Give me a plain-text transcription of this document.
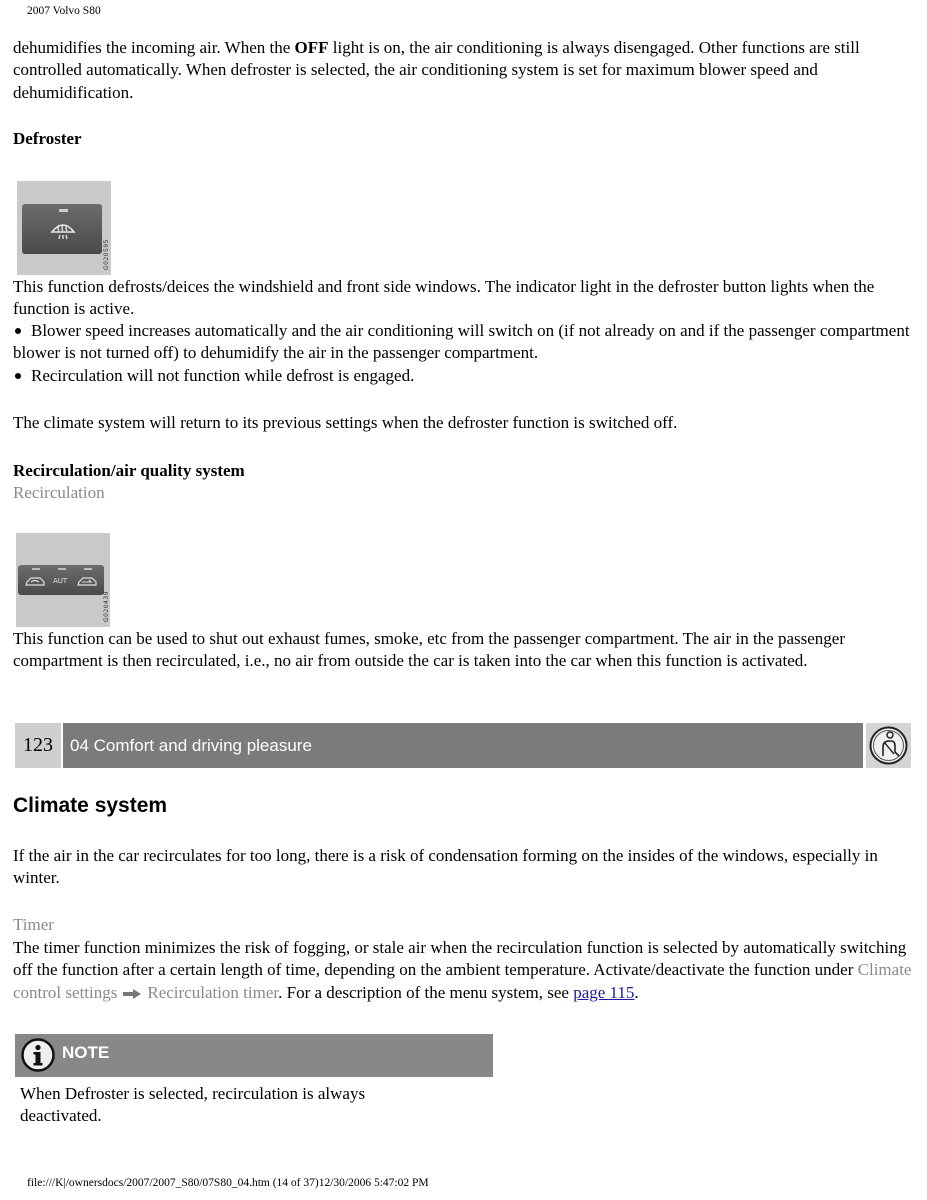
2007 Volvo S80
dehumidifies the incoming air. When the OFF light is on, the air conditioning is always disengaged. Other functions are still controlled automatically. When defroster is selected, the air conditioning system is set for maximum blower speed and dehumidification.
Defroster
G020595
This function defrosts/deices the windshield and front side windows. The indicator light in the defroster button lights when the function is active.
Blower speed increases automatically and the air conditioning will switch on (if not already on and if the passenger compartment blower is not turned off) to dehumidify the air in the passenger compartment.
Recirculation will not function while defrost is engaged.
The climate system will return to its previous settings when the defroster function is switched off.
Recirculation/air quality system
Recirculation
AUT
G020439
This function can be used to shut out exhaust fumes, smoke, etc from the passenger compartment. The air in the passenger compartment is then recirculated, i.e., no air from outside the car is taken into the car when this function is activated.
123	04 Comfort and driving pleasure
Climate system
If the air in the car recirculates for too long, there is a risk of condensation forming on the insides of the windows, especially in winter.
Timer
The timer function minimizes the risk of fogging, or stale air when the recirculation function is selected by automatically switching off the function after a certain length of time, depending on the ambient temperature. Activate/deactivate the function under Climate control settings Recirculation timer. For a description of the menu system, see page 115.
NOTE
When Defroster is selected, recirculation is always deactivated.
file:///K|/ownersdocs/2007/2007_S80/07S80_04.htm (14 of 37)12/30/2006 5:47:02 PM
